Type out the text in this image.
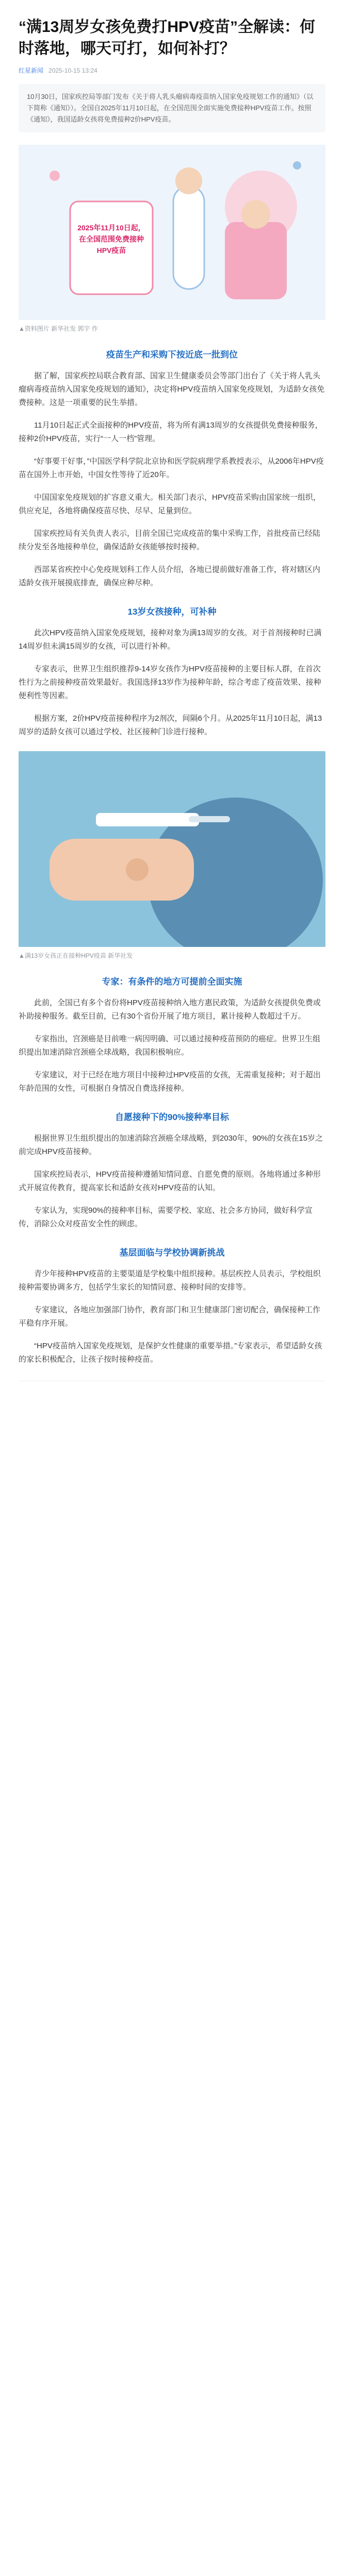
“满13周岁女孩免费打HPV疫苗”全解读：何时落地，哪天可打，如何补打？
红星新闻 2025-10-15 13:24
10月30日，国家疾控局等部门发布《关于将人乳头瘤病毒疫苗纳入国家免疫规划工作的通知》（以下简称《通知》）。全国自2025年11月10日起，在全国范围全面实施免费接种HPV疫苗工作。按照《通知》，我国适龄女孩将免费接种2价HPV疫苗。
2025年11月10日起，在全国范围免费接种HPV疫苗
▲资料图片 新华社发 郭宇 作
疫苗生产和采购下按近底一批到位

据了解，国家疾控局联合教育部、国家卫生健康委员会等部门出台了《关于将人乳头瘤病毒疫苗纳入国家免疫规划的通知》，决定将HPV疫苗纳入国家免疫规划，为适龄女孩免费接种。这是一项重要的民生举措。

11月10日起正式全面接种的HPV疫苗，将为所有满13周岁的女孩提供免费接种服务，接种2价HPV疫苗，实行“一人一档”管理。

“好事要干好事，”中国医学科学院北京协和医学院病理学系教授表示，从2006年HPV疫苗在国外上市开始，中国女性等待了近20年。

中国国家免疫规划的扩容意义重大。相关部门表示，HPV疫苗采购由国家统一组织，供应充足，各地将确保疫苗尽快、尽早、足量到位。

国家疾控局有关负责人表示，目前全国已完成疫苗的集中采购工作，首批疫苗已经陆续分发至各地接种单位，确保适龄女孩能够按时接种。

西部某省疾控中心免疫规划科工作人员介绍，各地已提前做好准备工作，将对辖区内适龄女孩开展摸底排查，确保应种尽种。

13岁女孩接种，可补种

此次HPV疫苗纳入国家免疫规划，接种对象为满13周岁的女孩。对于首剂接种时已满14周岁但未满15周岁的女孩，可以进行补种。

专家表示，世界卫生组织推荐9-14岁女孩作为HPV疫苗接种的主要目标人群，在首次性行为之前接种疫苗效果最好。我国选择13岁作为接种年龄，综合考虑了疫苗效果、接种便利性等因素。

根据方案，2价HPV疫苗接种程序为2剂次，间隔6个月。从2025年11月10日起，满13周岁的适龄女孩可以通过学校、社区接种门诊进行接种。

▲满13岁女孩正在接种HPV疫苗 新华社发
专家：有条件的地方可提前全面实施

此前，全国已有多个省份将HPV疫苗接种纳入地方惠民政策，为适龄女孩提供免费或补助接种服务。截至目前，已有30个省份开展了地方项目，累计接种人数超过千万。

专家指出，宫颈癌是目前唯一病因明确、可以通过接种疫苗预防的癌症。世界卫生组织提出加速消除宫颈癌全球战略，我国积极响应。

专家建议，对于已经在地方项目中接种过HPV疫苗的女孩，无需重复接种；对于超出年龄范围的女性，可根据自身情况自费选择接种。

自愿接种下的90%接种率目标

根据世界卫生组织提出的加速消除宫颈癌全球战略，到2030年，90%的女孩在15岁之前完成HPV疫苗接种。

国家疾控局表示，HPV疫苗接种遵循知情同意、自愿免费的原则。各地将通过多种形式开展宣传教育，提高家长和适龄女孩对HPV疫苗的认知。

专家认为，实现90%的接种率目标，需要学校、家庭、社会多方协同，做好科学宣传，消除公众对疫苗安全性的顾虑。

基层面临与学校协调新挑战

青少年接种HPV疫苗的主要渠道是学校集中组织接种。基层疾控人员表示，学校组织接种需要协调多方，包括学生家长的知情同意、接种时间的安排等。

专家建议，各地应加强部门协作，教育部门和卫生健康部门密切配合，确保接种工作平稳有序开展。

“HPV疫苗纳入国家免疫规划，是保护女性健康的重要举措。”专家表示，希望适龄女孩的家长积极配合，让孩子按时接种疫苗。
